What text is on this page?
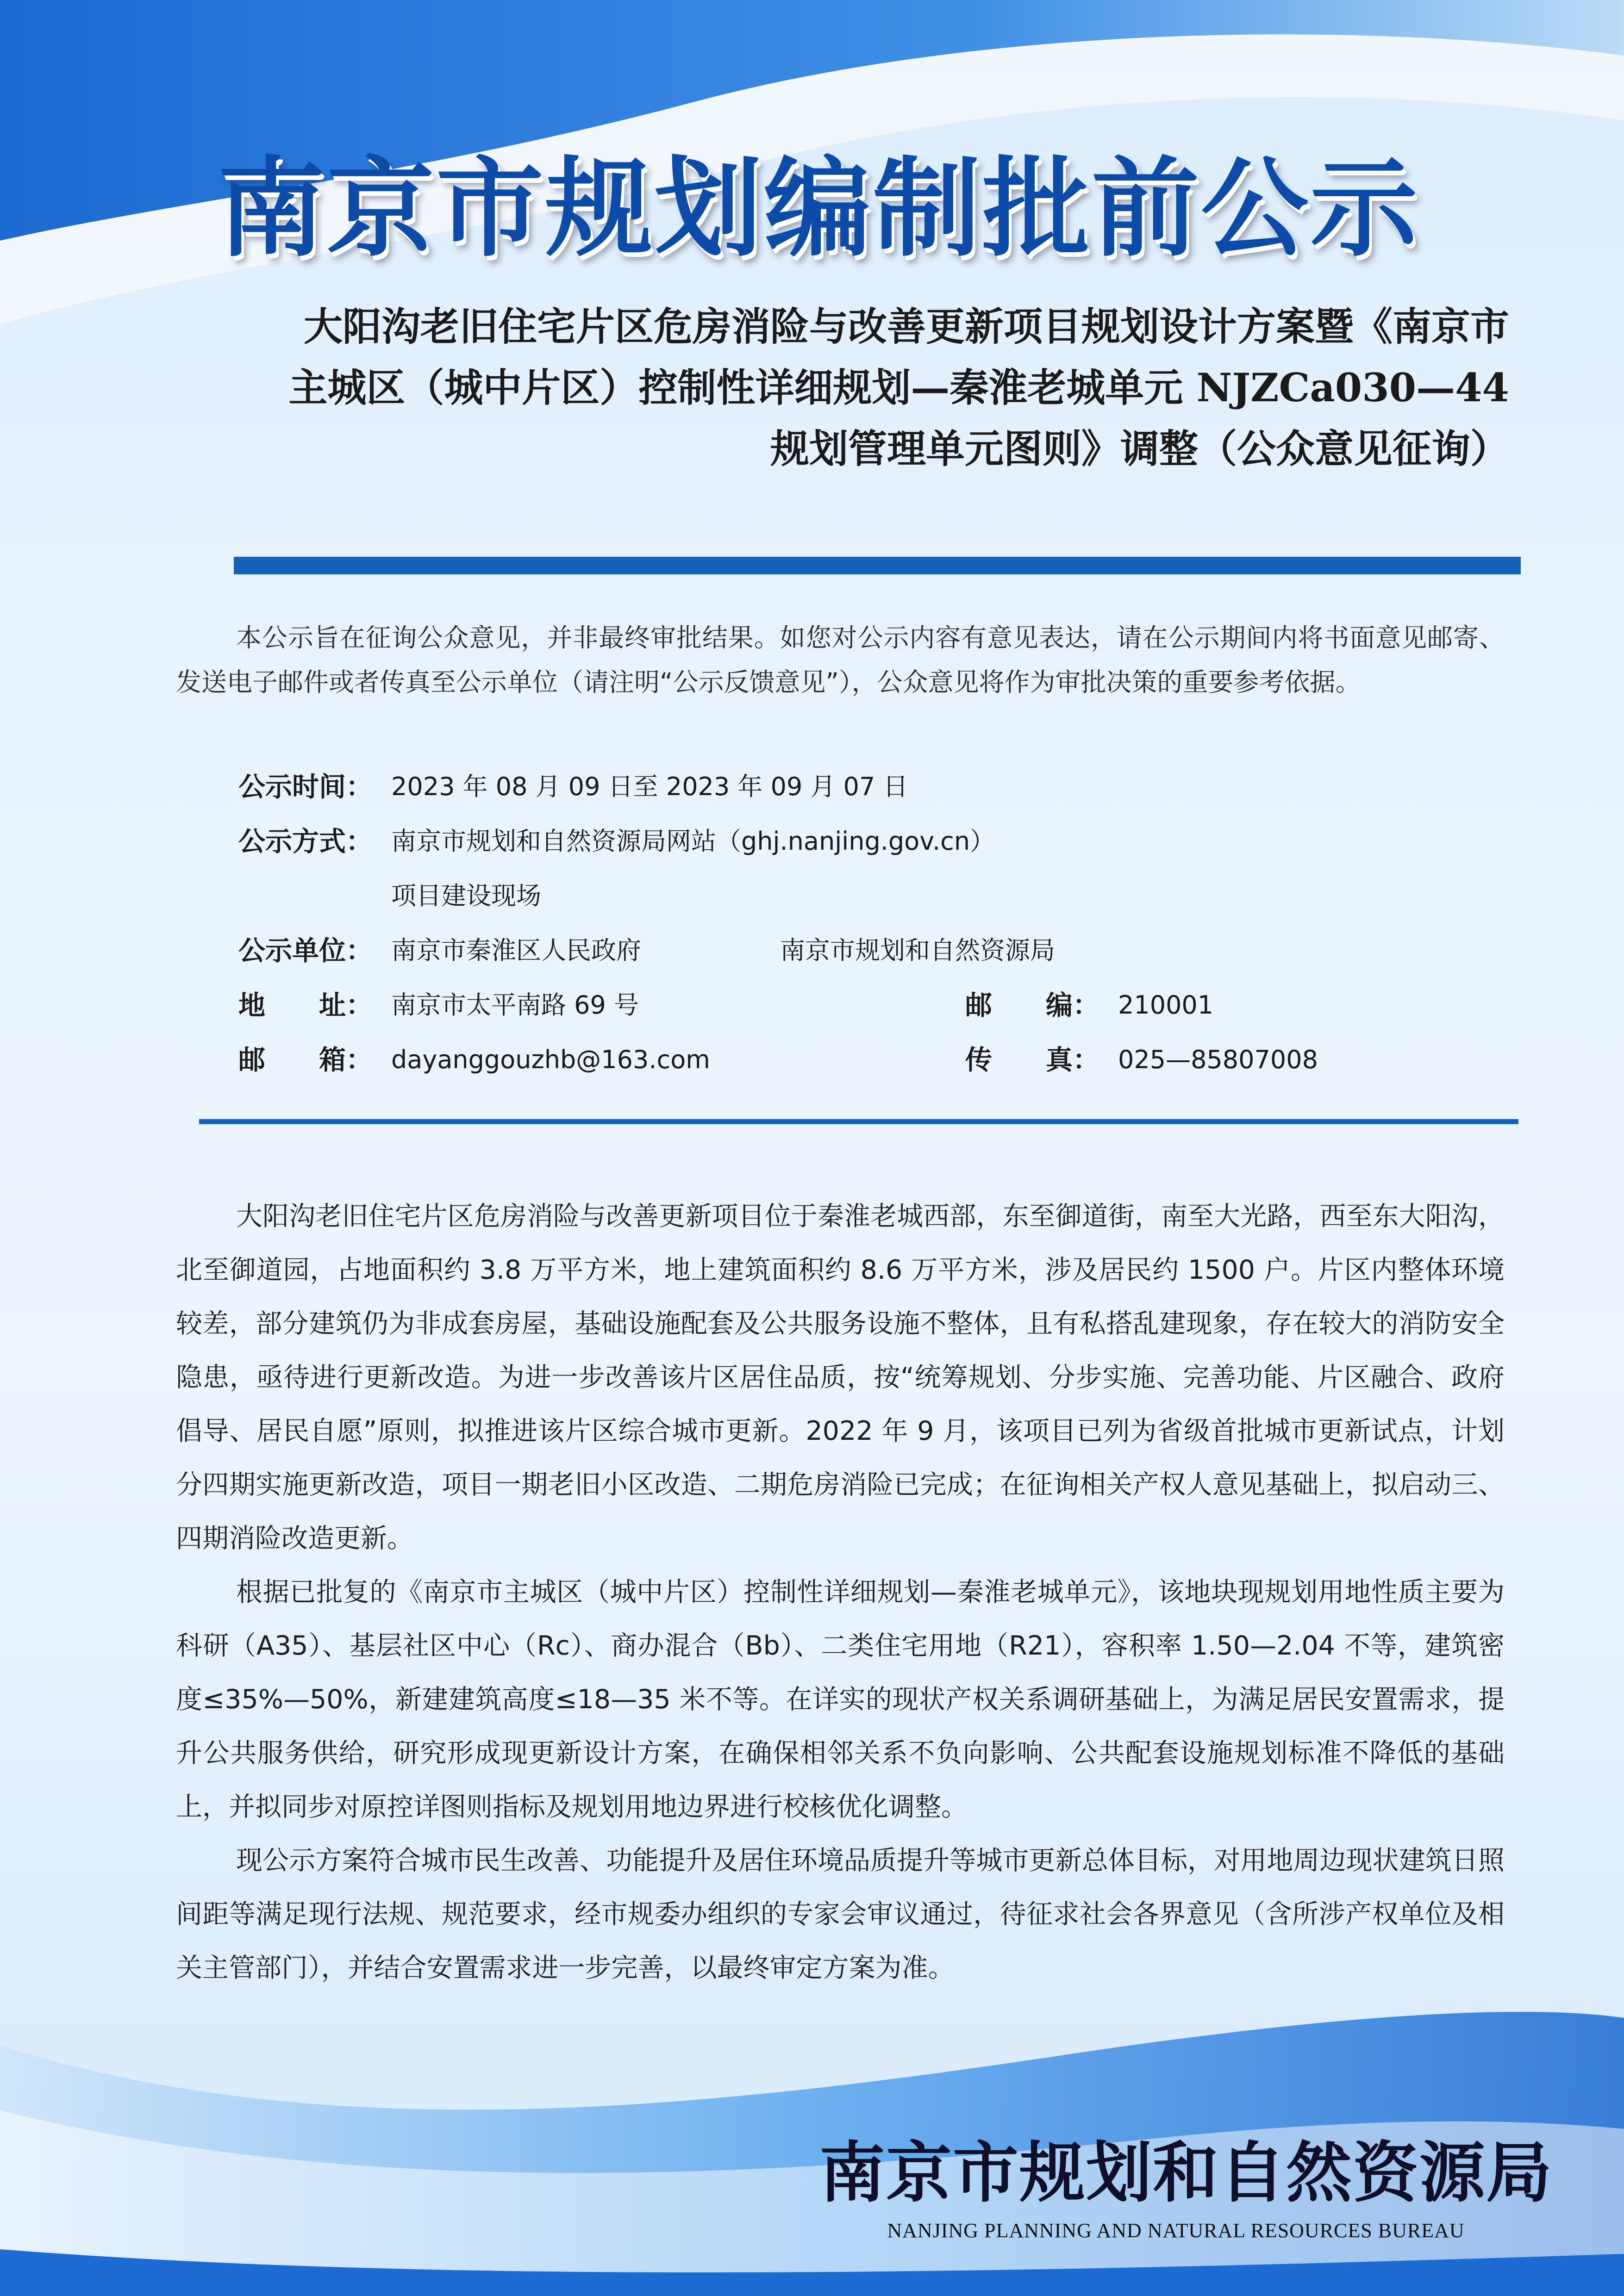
南京市规划编制批前公示
大阳沟老旧住宅片区危房消险与改善更新项目规划设计方案暨《南京市
主城区（城中片区）控制性详细规划—秦淮老城单元 NJZCa030—44
规划管理单元图则》调整（公众意见征询）
本公示旨在征询公众意见，并非最终审批结果。如您对公示内容有意见表达，请在公示期间内将书面意见邮寄、发送电子邮件或者传真至公示单位（请注明“公示反馈意见”），公众意见将作为审批决策的重要参考依据。
公示时间： 2023 年 08 月 09 日至 2023 年 09 月 07 日
公示方式： 南京市规划和自然资源局网站（ghj.nanjing.gov.cn）
项目建设现场
公示单位： 南京市秦淮区人民政府	南京市规划和自然资源局
地　　址： 南京市太平南路 69 号	邮　　编： 210001
邮　　箱： dayanggouzhb@163.com	传　　真： 025—85807008

大阳沟老旧住宅片区危房消险与改善更新项目位于秦淮老城西部，东至御道街，南至大光路，西至东大阳沟，北至御道园，占地面积约 3.8 万平方米，地上建筑面积约 8.6 万平方米，涉及居民约 1500 户。片区内整体环境较差，部分建筑仍为非成套房屋，基础设施配套及公共服务设施不整体，且有私搭乱建现象，存在较大的消防安全隐患，亟待进行更新改造。为进一步改善该片区居住品质，按“统筹规划、分步实施、完善功能、片区融合、政府倡导、居民自愿”原则，拟推进该片区综合城市更新。2022 年 9 月，该项目已列为省级首批城市更新试点，计划分四期实施更新改造，项目一期老旧小区改造、二期危房消险已完成；在征询相关产权人意见基础上，拟启动三、四期消险改造更新。

根据已批复的《南京市主城区（城中片区）控制性详细规划—秦淮老城单元》，该地块现规划用地性质主要为科研（A35）、基层社区中心（Rc）、商办混合（Bb）、二类住宅用地（R21），容积率 1.50—2.04 不等，建筑密度≤35%—50%，新建建筑高度≤18—35 米不等。在详实的现状产权关系调研基础上，为满足居民安置需求，提升公共服务供给，研究形成现更新设计方案，在确保相邻关系不负向影响、公共配套设施规划标准不降低的基础上，并拟同步对原控详图则指标及规划用地边界进行校核优化调整。

现公示方案符合城市民生改善、功能提升及居住环境品质提升等城市更新总体目标，对用地周边现状建筑日照间距等满足现行法规、规范要求，经市规委办组织的专家会审议通过，待征求社会各界意见（含所涉产权单位及相关主管部门），并结合安置需求进一步完善，以最终审定方案为准。

南京市规划和自然资源局
NANJING PLANNING AND NATURAL RESOURCES BUREAU
